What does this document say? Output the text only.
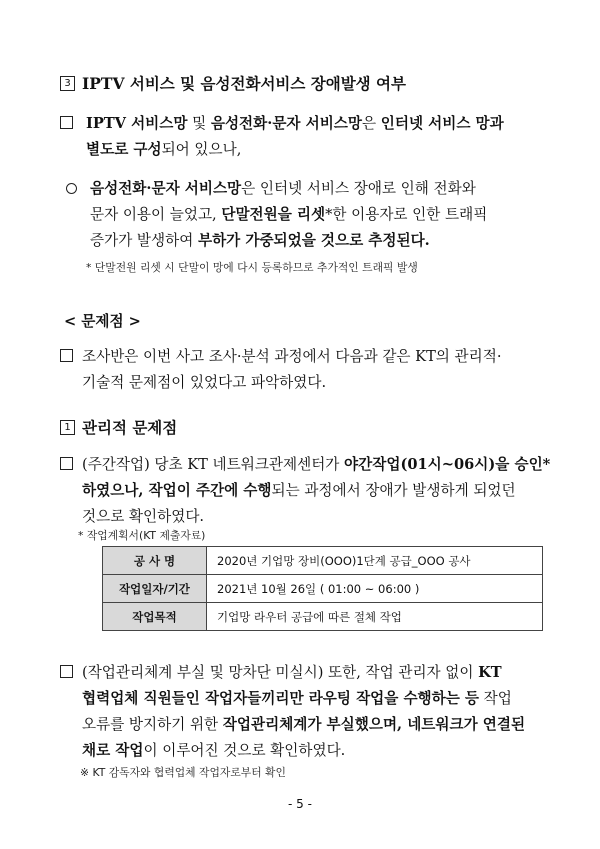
3 IPTV 서비스 및 음성전화서비스 장애발생 여부
IPTV 서비스망 및 음성전화·문자 서비스망은 인터넷 서비스 망과
별도로 구성되어 있으나,
음성전화·문자 서비스망은 인터넷 서비스 장애로 인해 전화와
문자 이용이 늘었고, 단말전원을 리셋*한 이용자로 인한 트래픽
증가가 발생하여 부하가 가중되었을 것으로 추정된다.
* 단말전원 리셋 시 단말이 망에 다시 등록하므로 추가적인 트래픽 발생
< 문제점 >
조사반은 이번 사고 조사·분석 과정에서 다음과 같은 KT의 관리적·
기술적 문제점이 있었다고 파악하였다.
1 관리적 문제점
(주간작업) 당초 KT 네트워크관제센터가 야간작업(01시~06시)을 승인*
하였으나, 작업이 주간에 수행되는 과정에서 장애가 발생하게 되었던
것으로 확인하였다.
* 작업계획서(KT 제출자료)
공 사 명	2020년 기업망 장비(OOO)1단계 공급_OOO 공사
작업일자/기간	2021년 10월 26일 ( 01:00 ~ 06:00 )
작업목적	기업망 라우터 공급에 따른 절체 작업
(작업관리체계 부실 및 망차단 미실시) 또한, 작업 관리자 없이 KT
협력업체 직원들인 작업자들끼리만 라우팅 작업을 수행하는 등 작업
오류를 방지하기 위한 작업관리체계가 부실했으며, 네트워크가 연결된
채로 작업이 이루어진 것으로 확인하였다.
※ KT 감독자와 협력업체 작업자로부터 확인
- 5 -
